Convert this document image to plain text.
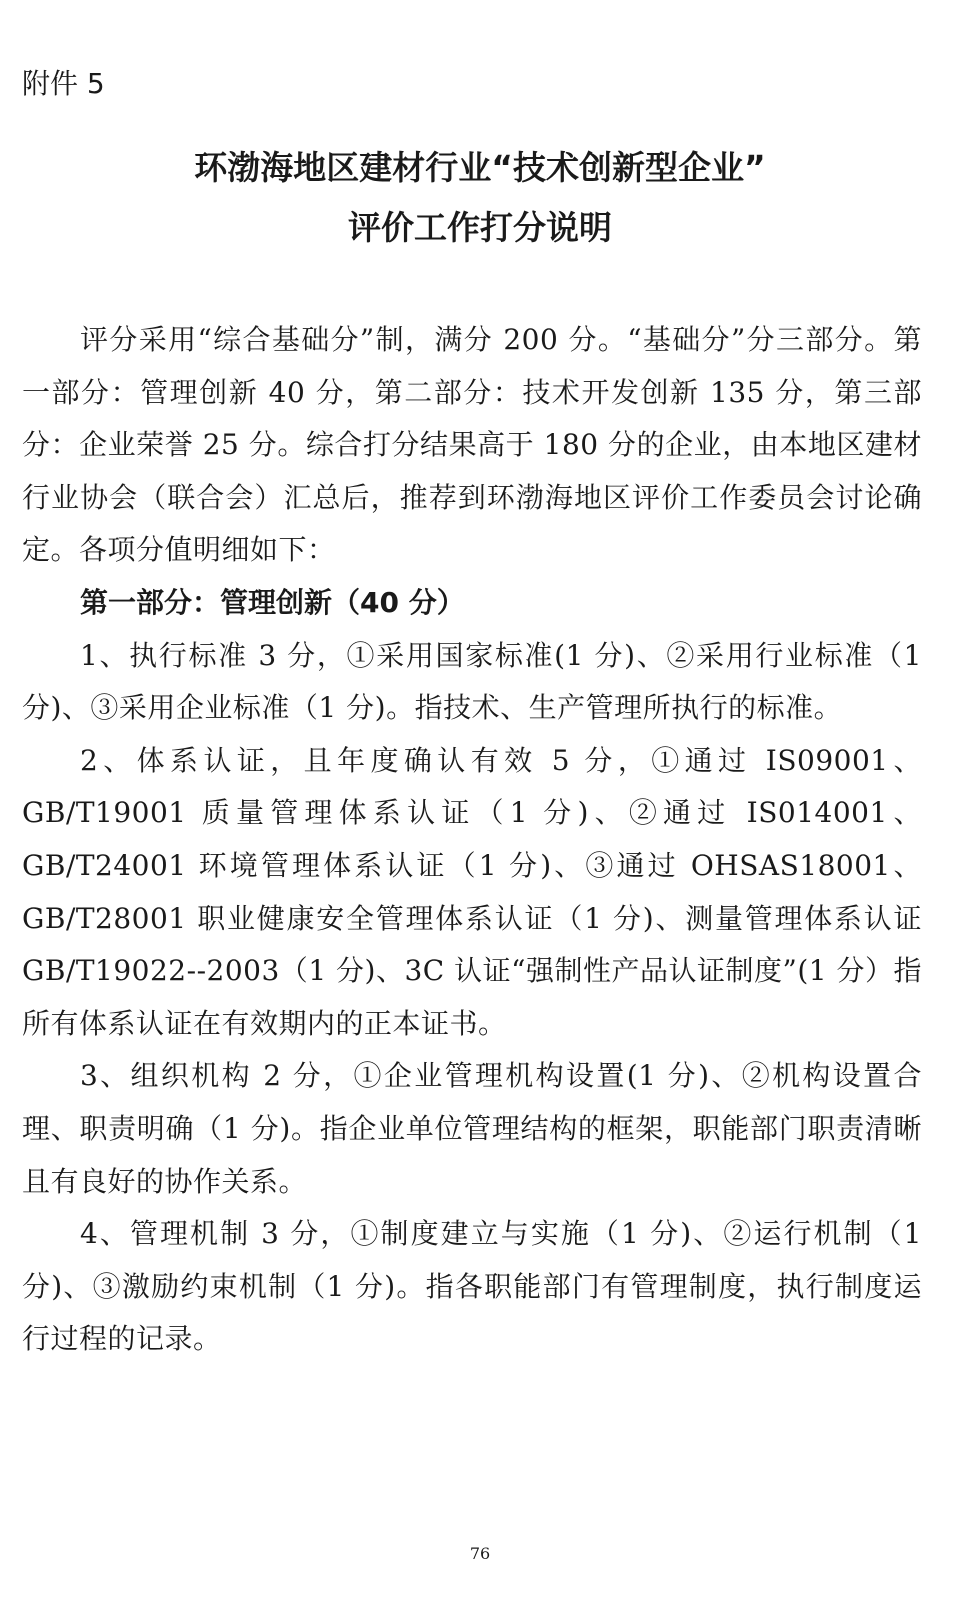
附件 5
环渤海地区建材行业“技术创新型企业”
评价工作打分说明

评分采用“综合基础分”制，满分 200 分。“基础分”分三部分。第一部分：管理创新 40 分，第二部分：技术开发创新 135 分，第三部分：企业荣誉 25 分。综合打分结果高于 180 分的企业，由本地区建材行业协会（联合会）汇总后，推荐到环渤海地区评价工作委员会讨论确定。各项分值明细如下：

第一部分：管理创新（40 分）

1、执行标准 3 分，①采用国家标准(1 分)、②采用行业标准（1 分)、③采用企业标准（1 分)。指技术、生产管理所执行的标准。

2、体系认证，且年度确认有效 5 分，①通过 IS09001、GB/T19001 质量管理体系认证（1 分)、②通过 IS014001、GB/T24001 环境管理体系认证（1 分)、③通过 OHSAS18001、GB/T28001 职业健康安全管理体系认证（1 分)、测量管理体系认证 GB/T19022--2003（1 分)、3C 认证“强制性产品认证制度”(1 分）指所有体系认证在有效期内的正本证书。

3、组织机构 2 分，①企业管理机构设置(1 分)、②机构设置合理、职责明确（1 分)。指企业单位管理结构的框架，职能部门职责清晰且有良好的协作关系。

4、管理机制 3 分，①制度建立与实施（1 分)、②运行机制（1 分)、③激励约束机制（1 分)。指各职能部门有管理制度，执行制度运行过程的记录。

76
